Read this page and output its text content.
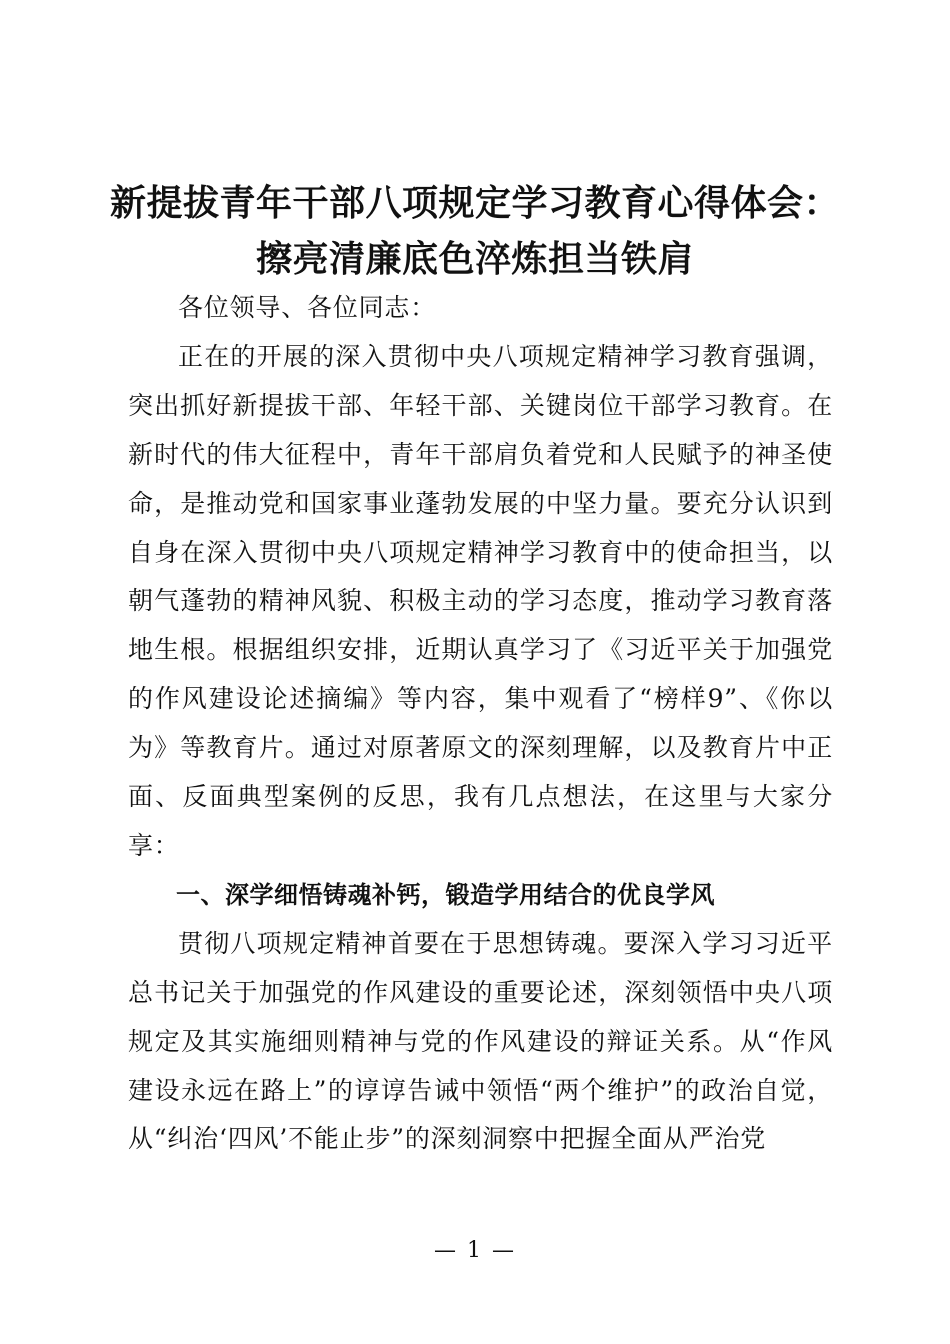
新提拔青年干部八项规定学习教育心得体会：
擦亮清廉底色淬炼担当铁肩

各位领导、各位同志：

正在的开展的深入贯彻中央八项规定精神学习教育强调，突出抓好新提拔干部、年轻干部、关键岗位干部学习教育。在新时代的伟大征程中，青年干部肩负着党和人民赋予的神圣使命，是推动党和国家事业蓬勃发展的中坚力量。要充分认识到自身在深入贯彻中央八项规定精神学习教育中的使命担当，以朝气蓬勃的精神风貌、积极主动的学习态度，推动学习教育落地生根。根据组织安排，近期认真学习了《习近平关于加强党的作风建设论述摘编》等内容，集中观看了“榜样9”、《你以为》等教育片。通过对原著原文的深刻理解，以及教育片中正面、反面典型案例的反思，我有几点想法，在这里与大家分享：

一、深学细悟铸魂补钙，锻造学用结合的优良学风

贯彻八项规定精神首要在于思想铸魂。要深入学习习近平总书记关于加强党的作风建设的重要论述，深刻领悟中央八项规定及其实施细则精神与党的作风建设的辩证关系。从“作风建设永远在路上”的谆谆告诫中领悟“两个维护”的政治自觉，从“纠治‘四风’不能止步”的深刻洞察中把握全面从严治党

— 1 —
